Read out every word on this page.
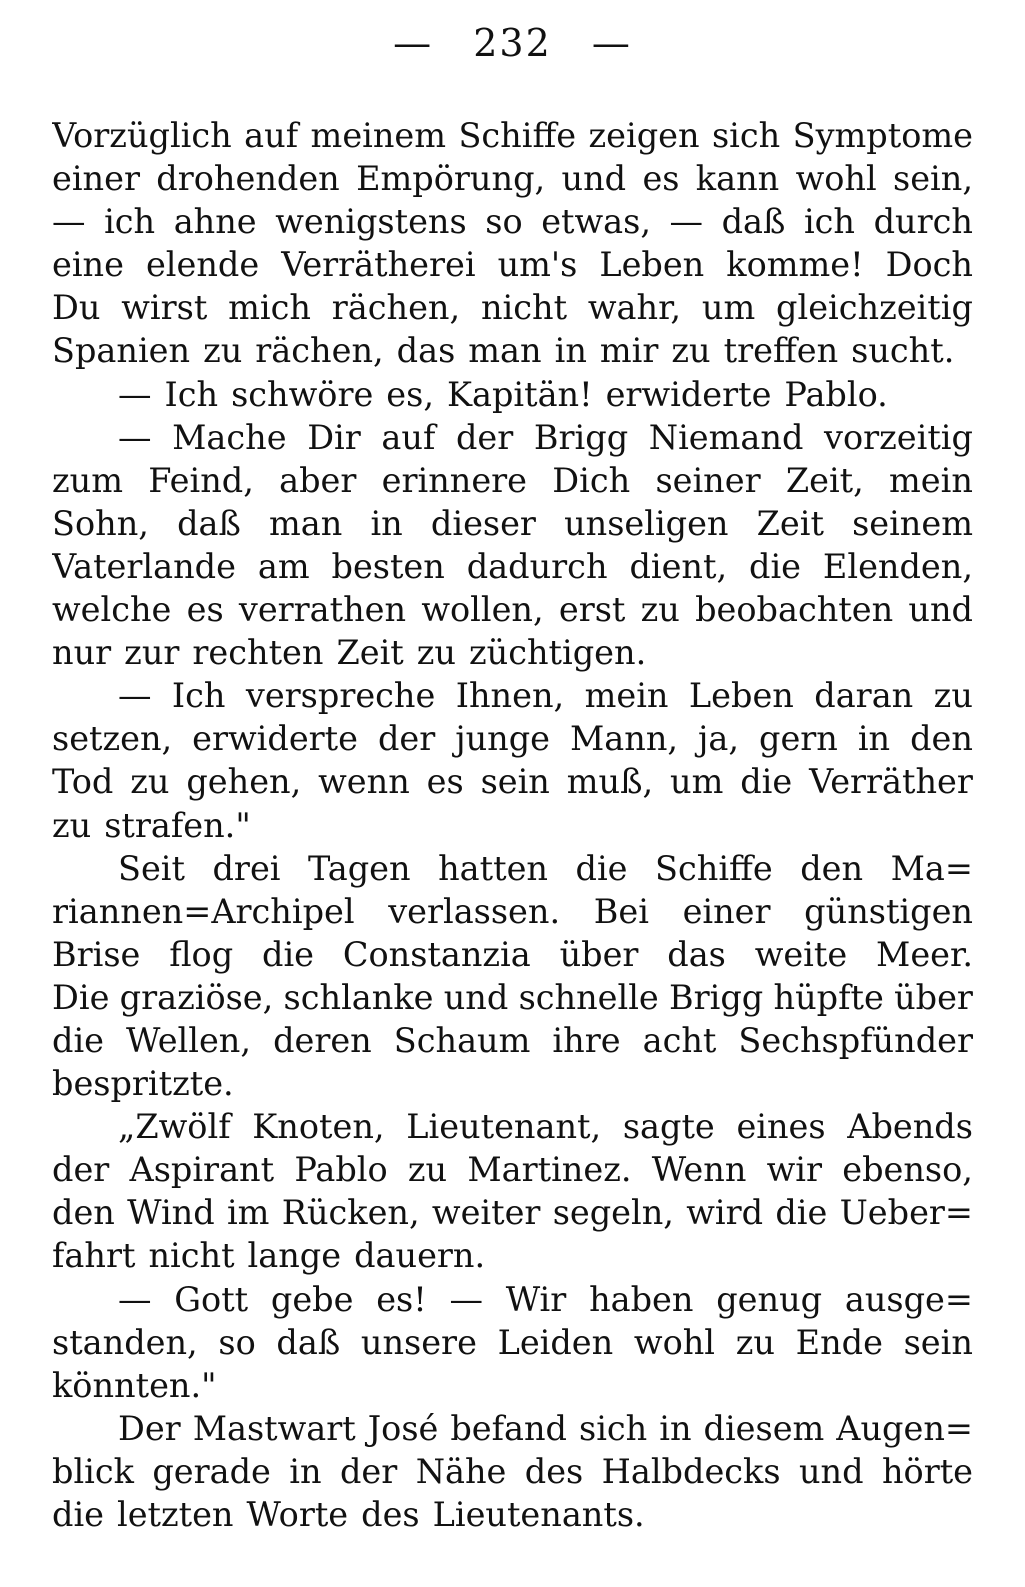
— 232 —
Vorzüglich auf meinem Schiffe zeigen sich Symptome
einer drohenden Empörung, und es kann wohl sein,
— ich ahne wenigstens so etwas, — daß ich durch
eine elende Verrätherei um's Leben komme! Doch
Du wirst mich rächen, nicht wahr, um gleichzeitig
Spanien zu rächen, das man in mir zu treffen sucht.
— Ich schwöre es, Kapitän! erwiderte Pablo.
— Mache Dir auf der Brigg Niemand vorzeitig
zum Feind, aber erinnere Dich seiner Zeit, mein
Sohn, daß man in dieser unseligen Zeit seinem
Vaterlande am besten dadurch dient, die Elenden,
welche es verrathen wollen, erst zu beobachten und
nur zur rechten Zeit zu züchtigen.
— Ich verspreche Ihnen, mein Leben daran zu
setzen, erwiderte der junge Mann, ja, gern in den
Tod zu gehen, wenn es sein muß, um die Verräther
zu strafen."
Seit drei Tagen hatten die Schiffe den Ma=
riannen=Archipel verlassen. Bei einer günstigen
Brise flog die Constanzia über das weite Meer.
Die graziöse, schlanke und schnelle Brigg hüpfte über
die Wellen, deren Schaum ihre acht Sechspfünder
bespritzte.
„Zwölf Knoten, Lieutenant, sagte eines Abends
der Aspirant Pablo zu Martinez. Wenn wir ebenso,
den Wind im Rücken, weiter segeln, wird die Ueber=
fahrt nicht lange dauern.
— Gott gebe es! — Wir haben genug ausge=
standen, so daß unsere Leiden wohl zu Ende sein
könnten."
Der Mastwart José befand sich in diesem Augen=
blick gerade in der Nähe des Halbdecks und hörte
die letzten Worte des Lieutenants.
